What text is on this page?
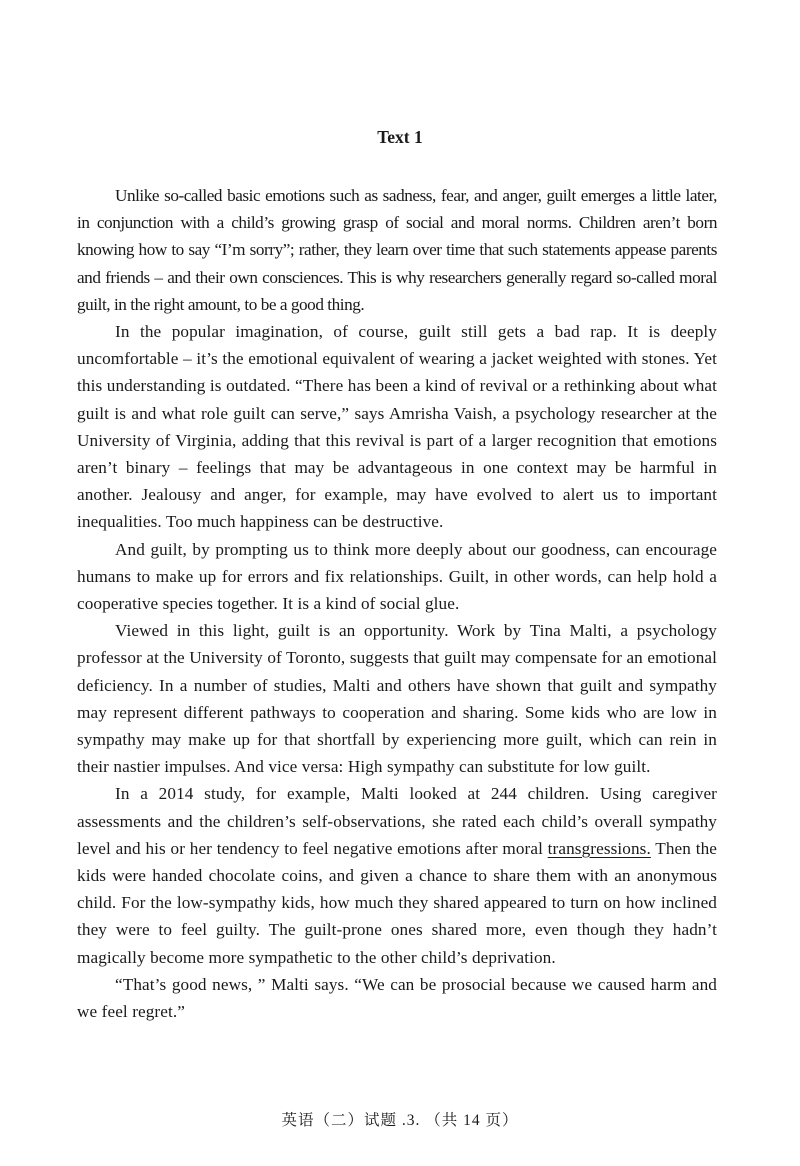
Text 1

Unlike so-called basic emotions such as sadness, fear, and anger, guilt emerges a little later, in conjunction with a child’s growing grasp of social and moral norms. Children aren’t born knowing how to say “I’m sorry”; rather, they learn over time that such statements appease parents and friends – and their own consciences. This is why researchers generally regard so-called moral guilt, in the right amount, to be a good thing.

In the popular imagination, of course, guilt still gets a bad rap. It is deeply uncomfortable – it’s the emotional equivalent of wearing a jacket weighted with stones. Yet this understanding is outdated. “There has been a kind of revival or a rethinking about what guilt is and what role guilt can serve,” says Amrisha Vaish, a psychology researcher at the University of Virginia, adding that this revival is part of a larger recognition that emotions aren’t binary – feelings that may be advantageous in one context may be harmful in another. Jealousy and anger, for example, may have evolved to alert us to important inequalities. Too much happiness can be destructive.

And guilt, by prompting us to think more deeply about our goodness, can encourage humans to make up for errors and fix relationships. Guilt, in other words, can help hold a cooperative species together. It is a kind of social glue.

Viewed in this light, guilt is an opportunity. Work by Tina Malti, a psychology professor at the University of Toronto, suggests that guilt may compensate for an emotional deficiency. In a number of studies, Malti and others have shown that guilt and sympathy may represent different pathways to cooperation and sharing. Some kids who are low in sympathy may make up for that shortfall by experiencing more guilt, which can rein in their nastier impulses. And vice versa: High sympathy can substitute for low guilt.

In a 2014 study, for example, Malti looked at 244 children. Using caregiver assessments and the children’s self-observations, she rated each child’s overall sympathy level and his or her tendency to feel negative emotions after moral transgressions. Then the kids were handed chocolate coins, and given a chance to share them with an anonymous child. For the low-sympathy kids, how much they shared appeared to turn on how inclined they were to feel guilty. The guilt-prone ones shared more, even though they hadn’t magically become more sympathetic to the other child’s deprivation.

“That’s good news, ” Malti says. “We can be prosocial because we caused harm and we feel regret.”

英语（二）试题 .3. （共 14 页）
